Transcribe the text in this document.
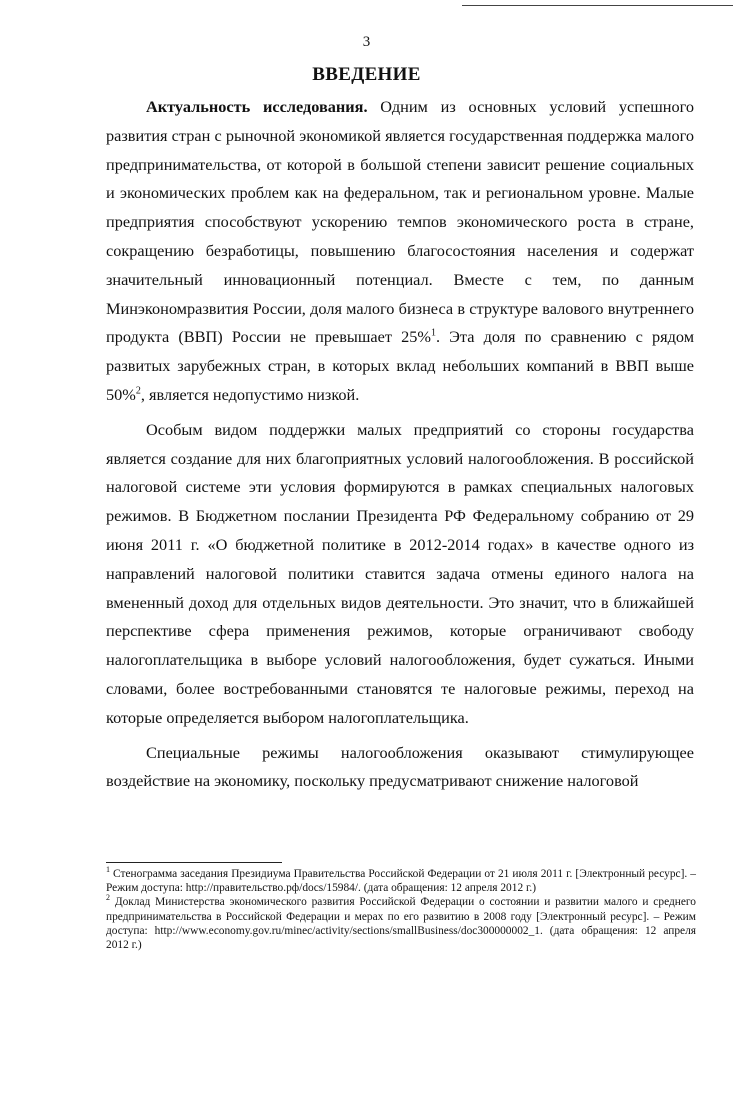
3
ВВЕДЕНИЕ

Актуальность исследования. Одним из основных условий успешного развития стран с рыночной экономикой является государственная поддержка малого предпринимательства, от которой в большой степени зависит решение социальных и экономических проблем как на федеральном, так и региональном уровне. Малые предприятия способствуют ускорению темпов экономического роста в стране, сокращению безработицы, повышению благосостояния населения и содержат значительный инновационный потенциал. Вместе с тем, по данным Минэкономразвития России, доля малого бизнеса в структуре валового внутреннего продукта (ВВП) России не превышает 25%$^1$. Эта доля по сравнению с рядом развитых зарубежных стран, в которых вклад небольших компаний в ВВП выше 50%$^2$, является недопустимо низкой.

Особым видом поддержки малых предприятий со стороны государства является создание для них благоприятных условий налогообложения. В российской налоговой системе эти условия формируются в рамках специальных налоговых режимов. В Бюджетном послании Президента РФ Федеральному собранию от 29 июня 2011 г. «О бюджетной политике в 2012-2014 годах» в качестве одного из направлений налоговой политики ставится задача отмены единого налога на вмененный доход для отдельных видов деятельности. Это значит, что в ближайшей перспективе сфера применения режимов, которые ограничивают свободу налогоплательщика в выборе условий налогообложения, будет сужаться. Иными словами, более востребованными становятся те налоговые режимы, переход на которые определяется выбором налогоплательщика.

Специальные режимы налогообложения оказывают стимулирующее воздействие на экономику, поскольку предусматривают снижение налоговой

$^1$ Стенограмма заседания Президиума Правительства Российской Федерации от 21 июля 2011 г. [Электронный ресурс]. – Режим доступа: http://правительство.рф/docs/15984/. (дата обращения: 12 апреля 2012 г.)

$^2$ Доклад Министерства экономического развития Российской Федерации о состоянии и развитии малого и среднего предпринимательства в Российской Федерации и мерах по его развитию в 2008 году [Электронный ресурс]. – Режим доступа: http://www.economy.gov.ru/minec/activity/sections/smallBusiness/doc300000002_1. (дата обращения: 12 апреля 2012 г.)
